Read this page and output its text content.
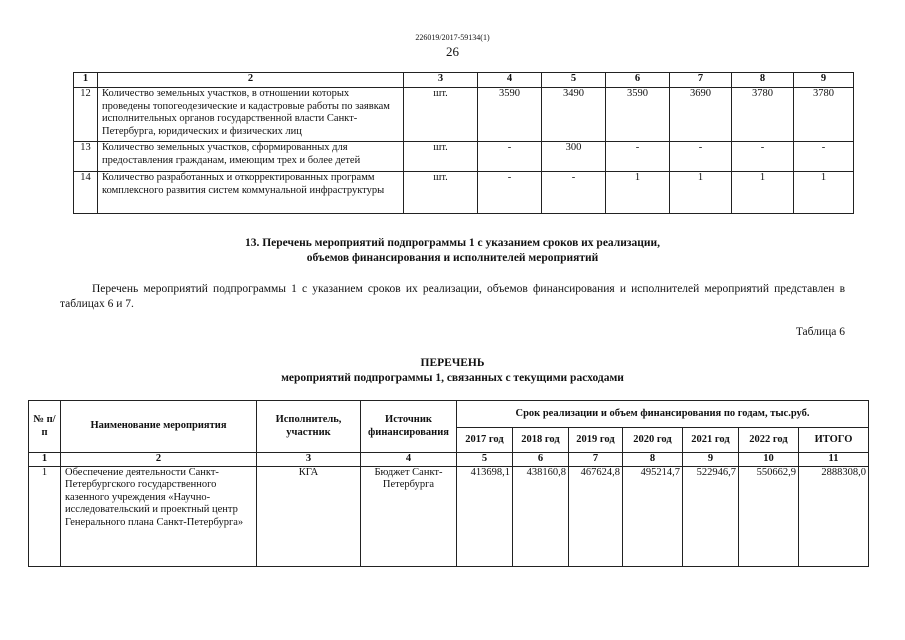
226019/2017-59134(1)
26
1	2	3	4	5	6	7	8	9
12	Количество земельных участков, в отношении которых проведены топогеодезические и кадастровые работы по заявкам исполнительных органов государственной власти Санкт-Петербурга, юридических и физических лиц	шт.	3590	3490	3590	3690	3780	3780
13	Количество земельных участков, сформированных для предоставления гражданам, имеющим трех и более детей	шт.	-	300	-	-	-	-
14	Количество разработанных и откорректированных программ комплексного развития систем коммунальной инфраструктуры	шт.	-	-	1	1	1	1
13. Перечень мероприятий подпрограммы 1 с указанием сроков их реализации,
объемов финансирования и исполнителей мероприятий
Перечень мероприятий подпрограммы 1 с указанием сроков их реализации, объемов финансирования и исполнителей мероприятий представлен в таблицах 6 и 7.
Таблица 6
ПЕРЕЧЕНЬ
мероприятий подпрограммы 1, связанных с текущими расходами
№ п/п	Наименование мероприятия	Исполнитель, участник	Источник финансирования	Срок реализации и объем финансирования по годам, тыс.руб.						
				2017 год	2018 год	2019 год	2020 год	2021 год	2022 год	ИТОГО
1	2	3	4	5	6	7	8	9	10	11
1	Обеспечение деятельности Санкт-Петербургского государственного казенного учреждения «Научно-исследовательский и проектный центр Генерального плана Санкт-Петербурга»	КГА	Бюджет Санкт-Петербурга	413698,1	438160,8	467624,8	495214,7	522946,7	550662,9	2888308,0
